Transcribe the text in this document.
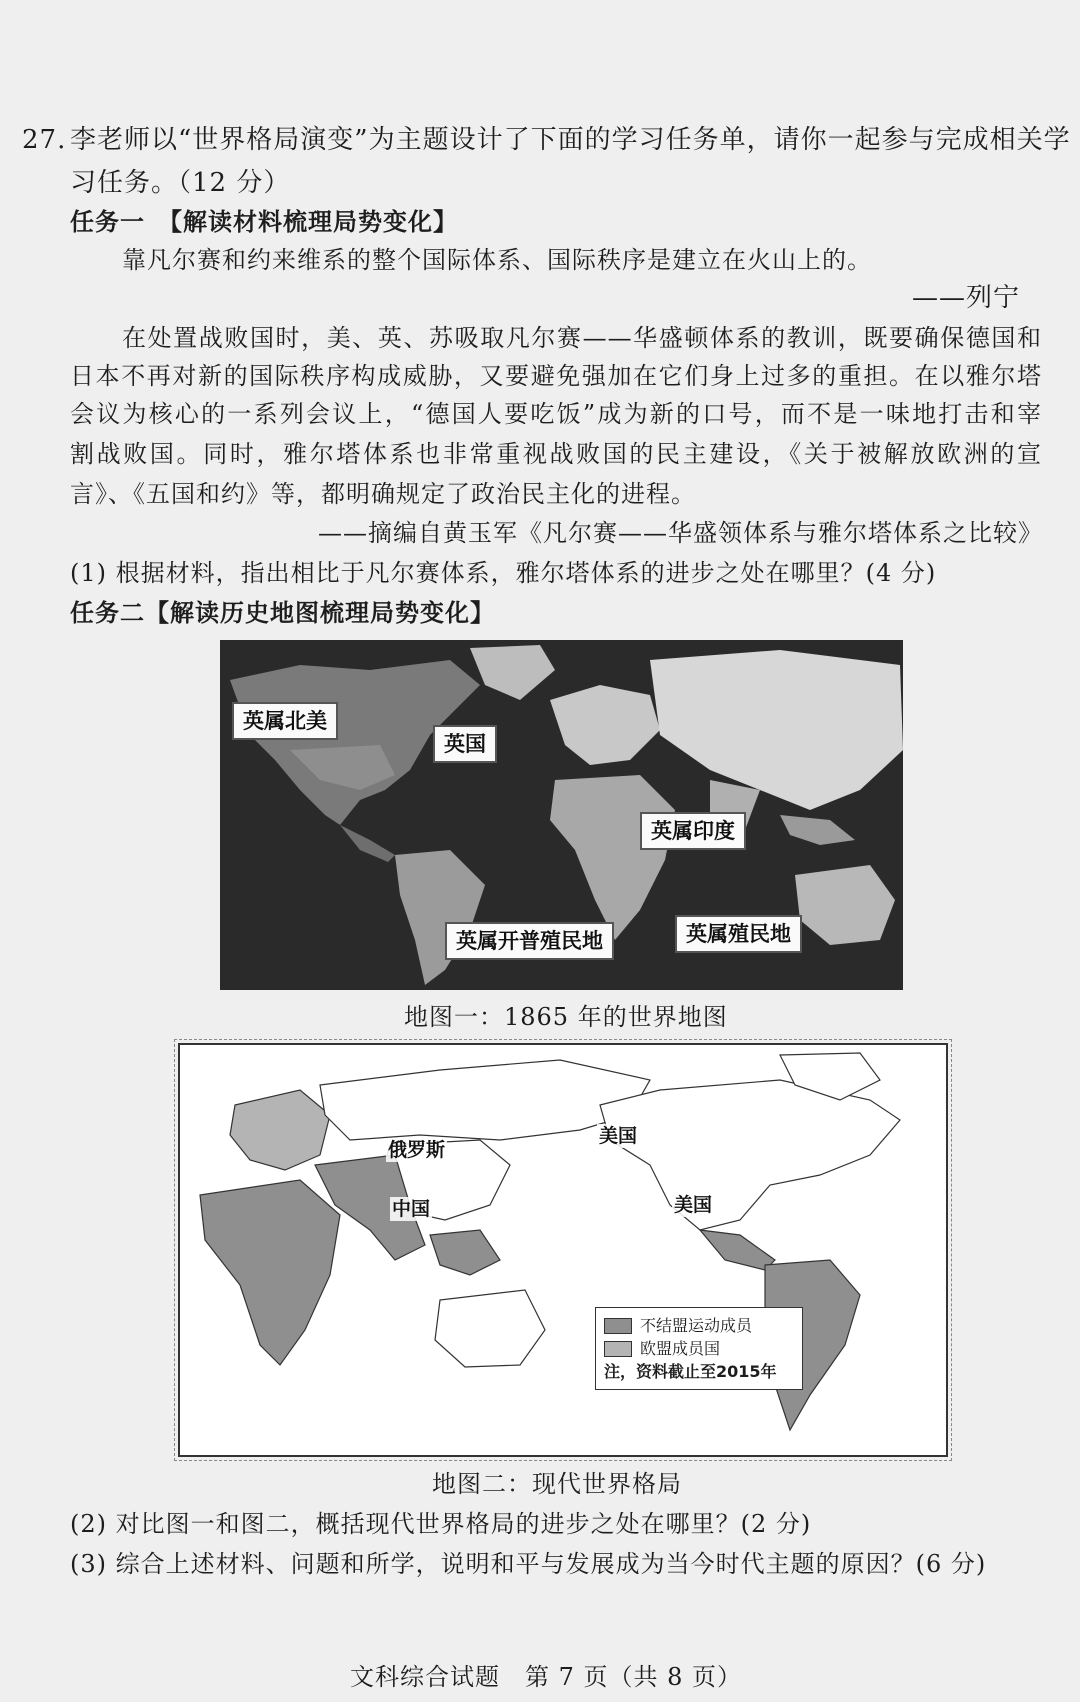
27. 李老师以“世界格局演变”为主题设计了下面的学习任务单，请你一起参与完成相关学
习任务。（12 分）
任务一　【解读材料梳理局势变化】
靠凡尔赛和约来维系的整个国际体系、国际秩序是建立在火山上的。
——列宁
在处置战败国时，美、英、苏吸取凡尔赛——华盛顿体系的教训，既要确保德国和
日本不再对新的国际秩序构成威胁，又要避免强加在它们身上过多的重担。在以雅尔塔
会议为核心的一系列会议上，“德国人要吃饭”成为新的口号，而不是一味地打击和宰
割战败国。同时，雅尔塔体系也非常重视战败国的民主建设，《关于被解放欧洲的宣
言》、《五国和约》等，都明确规定了政治民主化的进程。
——摘编自黄玉军《凡尔赛——华盛领体系与雅尔塔体系之比较》
(1) 根据材料，指出相比于凡尔赛体系，雅尔塔体系的进步之处在哪里？(4 分)
任务二【解读历史地图梳理局势变化】
英属北美
英国
英属印度
英属开普殖民地	英属殖民地
地图一：1865 年的世界地图
俄罗斯
中国
美国
美国
不结盟运动成员
欧盟成员国
注，资料截止至2015年
地图二：现代世界格局
(2) 对比图一和图二，概括现代世界格局的进步之处在哪里？(2 分)
(3) 综合上述材料、问题和所学，说明和平与发展成为当今时代主题的原因？(6 分)
文科综合试题　第 7 页（共 8 页）
